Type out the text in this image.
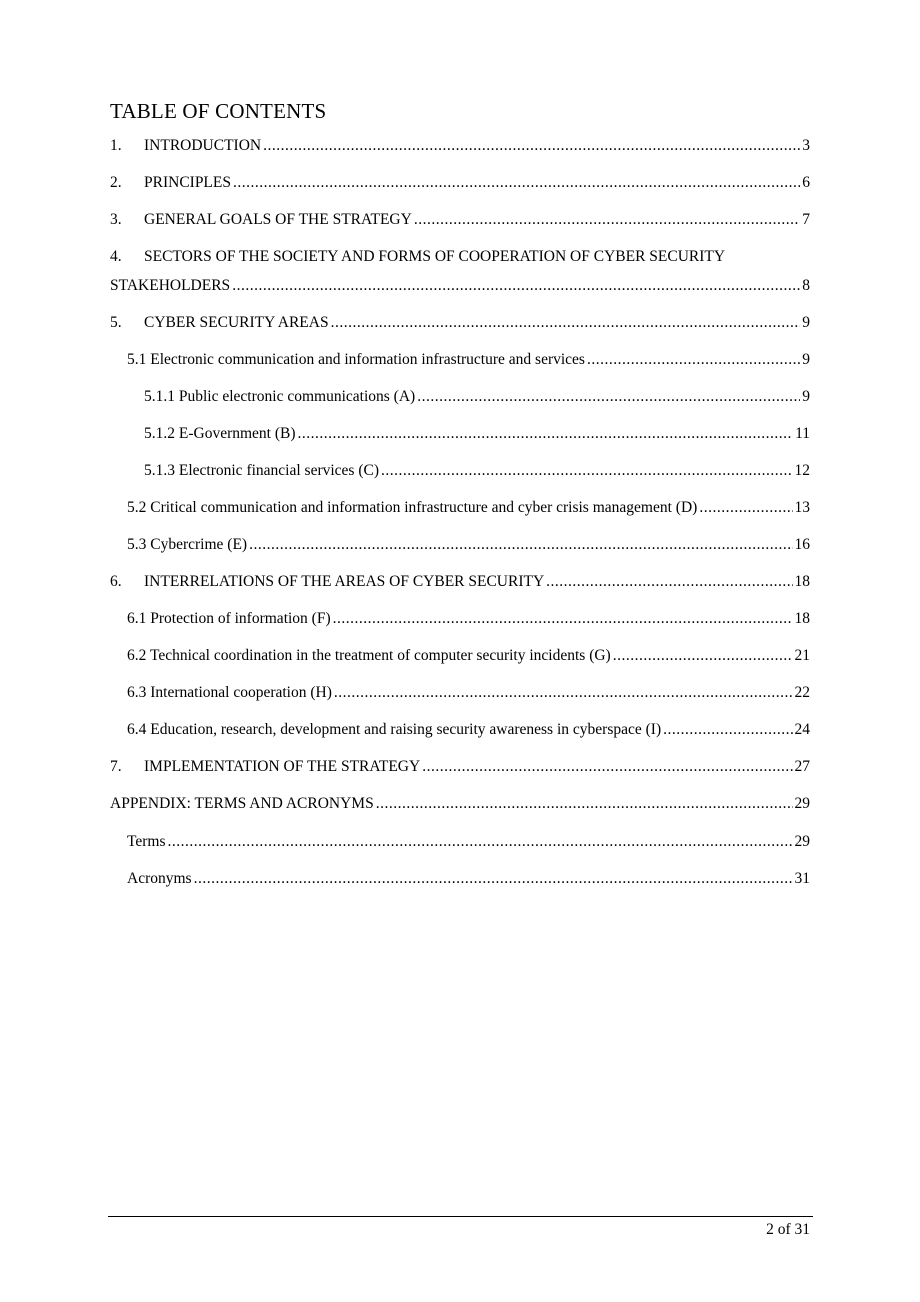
TABLE OF CONTENTS
1.	INTRODUCTION .....	3
2.	PRINCIPLES .....	6
3.	GENERAL GOALS OF THE STRATEGY .....	7
4. SECTORS OF THE SOCIETY AND FORMS OF COOPERATION OF CYBER SECURITY
STAKEHOLDERS .....	8
5.	CYBER SECURITY AREAS .....	9
5.1 Electronic communication and information infrastructure and services .....	9
5.1.1 Public electronic communications (A) .....	9
5.1.2 E-Government (B) .....	11
5.1.3 Electronic financial services (C) .....	12
5.2 Critical communication and information infrastructure and cyber crisis management (D) .....	13
5.3 Cybercrime (E) .....	16
6.	INTERRELATIONS OF THE AREAS OF CYBER SECURITY .....	18
6.1 Protection of information (F) .....	18
6.2 Technical coordination in the treatment of computer security incidents (G) .....	21
6.3 International cooperation (H) .....	22
6.4 Education, research, development and raising security awareness in cyberspace (I) .....	24
7.	IMPLEMENTATION OF THE STRATEGY .....	27
APPENDIX: TERMS AND ACRONYMS .....	29
Terms .....	29
Acronyms .....	31
2 of 31
